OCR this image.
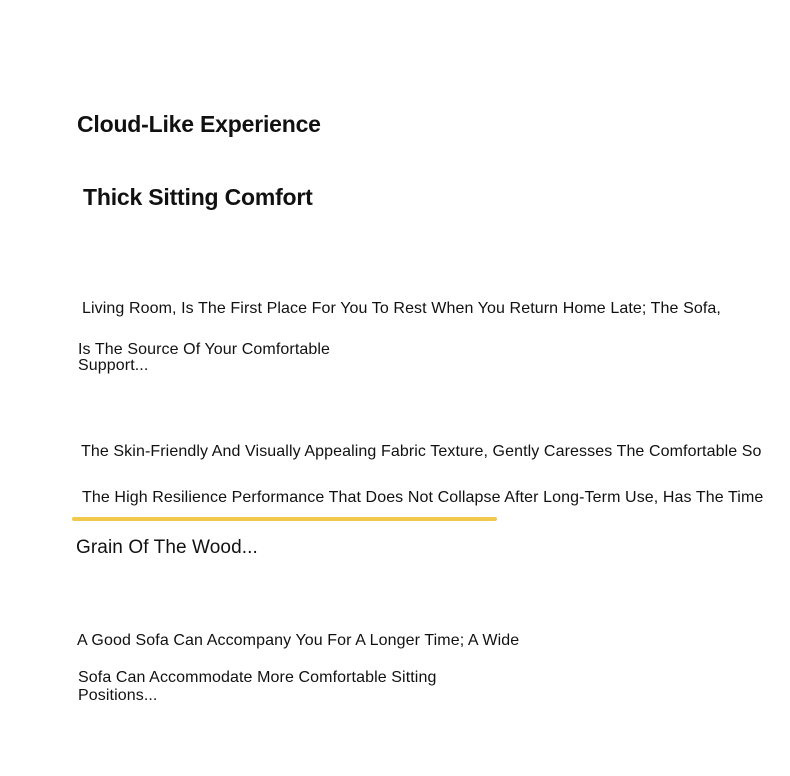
Cloud-Like Experience
Thick Sitting Comfort
Living Room, Is The First Place For You To Rest When You Return Home Late; The Sofa,
Is The Source Of Your Comfortable
Support...
The Skin-Friendly And Visually Appealing Fabric Texture, Gently Caresses The Comfortable So
The High Resilience Performance That Does Not Collapse After Long-Term Use, Has The Time
Grain Of The Wood...
A Good Sofa Can Accompany You For A Longer Time; A Wide
Sofa Can Accommodate More Comfortable Sitting
Positions...
